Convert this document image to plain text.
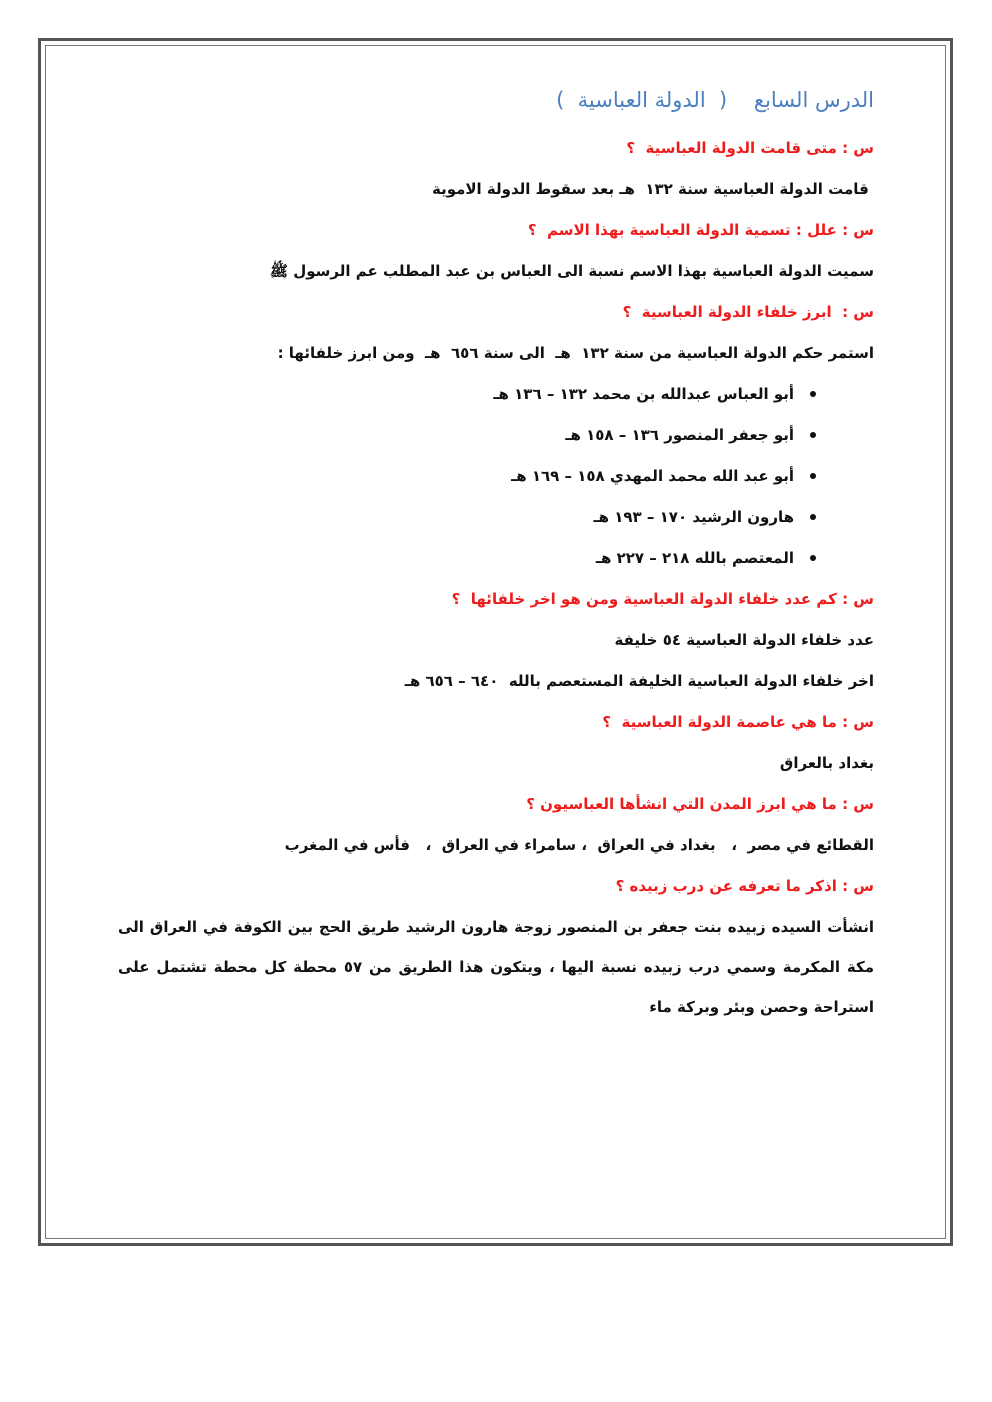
الدرس السابع    (  الدولة العباسية  )
س : متى قامت الدولة العباسية  ؟
قامت الدولة العباسية سنة ١٣٢  هـ بعد سقوط الدولة الاموية
س : علل : تسمية الدولة العباسية بهذا الاسم  ؟
سميت الدولة العباسية بهذا الاسم نسبة الى العباس بن عبد المطلب عم الرسول ﷺ
س :  ابرز خلفاء الدولة العباسية  ؟
استمر حكم الدولة العباسية من سنة ١٣٢  هـ  الى سنة ٦٥٦  هـ  ومن ابرز خلفائها :
أبو العباس عبدالله بن محمد ١٣٢ – ١٣٦ هـ
أبو جعفر المنصور ١٣٦ – ١٥٨ هـ
أبو عبد الله محمد المهدي ١٥٨ – ١٦٩ هـ
هارون الرشيد ١٧٠ – ١٩٣ هـ
المعتصم بالله ٢١٨ – ٢٢٧ هـ
س : كم عدد خلفاء الدولة العباسية ومن هو اخر خلفائها  ؟
عدد خلفاء الدولة العباسية ٥٤ خليفة
اخر خلفاء الدولة العباسية الخليفة المستعصم بالله  ٦٤٠ – ٦٥٦ هـ
س : ما هي عاصمة الدولة العباسية  ؟
بغداد بالعراق
س : ما هي ابرز المدن التي انشأها العباسيون ؟
القطائع في مصر  ،   بغداد في العراق  ، سامراء في العراق  ،   فأس في المغرب
س : اذكر ما تعرفه عن درب زبيده ؟
انشأت السيده زبيده بنت جعفر بن المنصور زوجة هارون الرشيد طريق الحج بين الكوفة في العراق الى مكة المكرمة وسمي درب زبيده نسبة اليها ، ويتكون هذا الطريق من ٥٧ محطة كل محطة تشتمل على استراحة وحصن وبئر وبركة ماء
